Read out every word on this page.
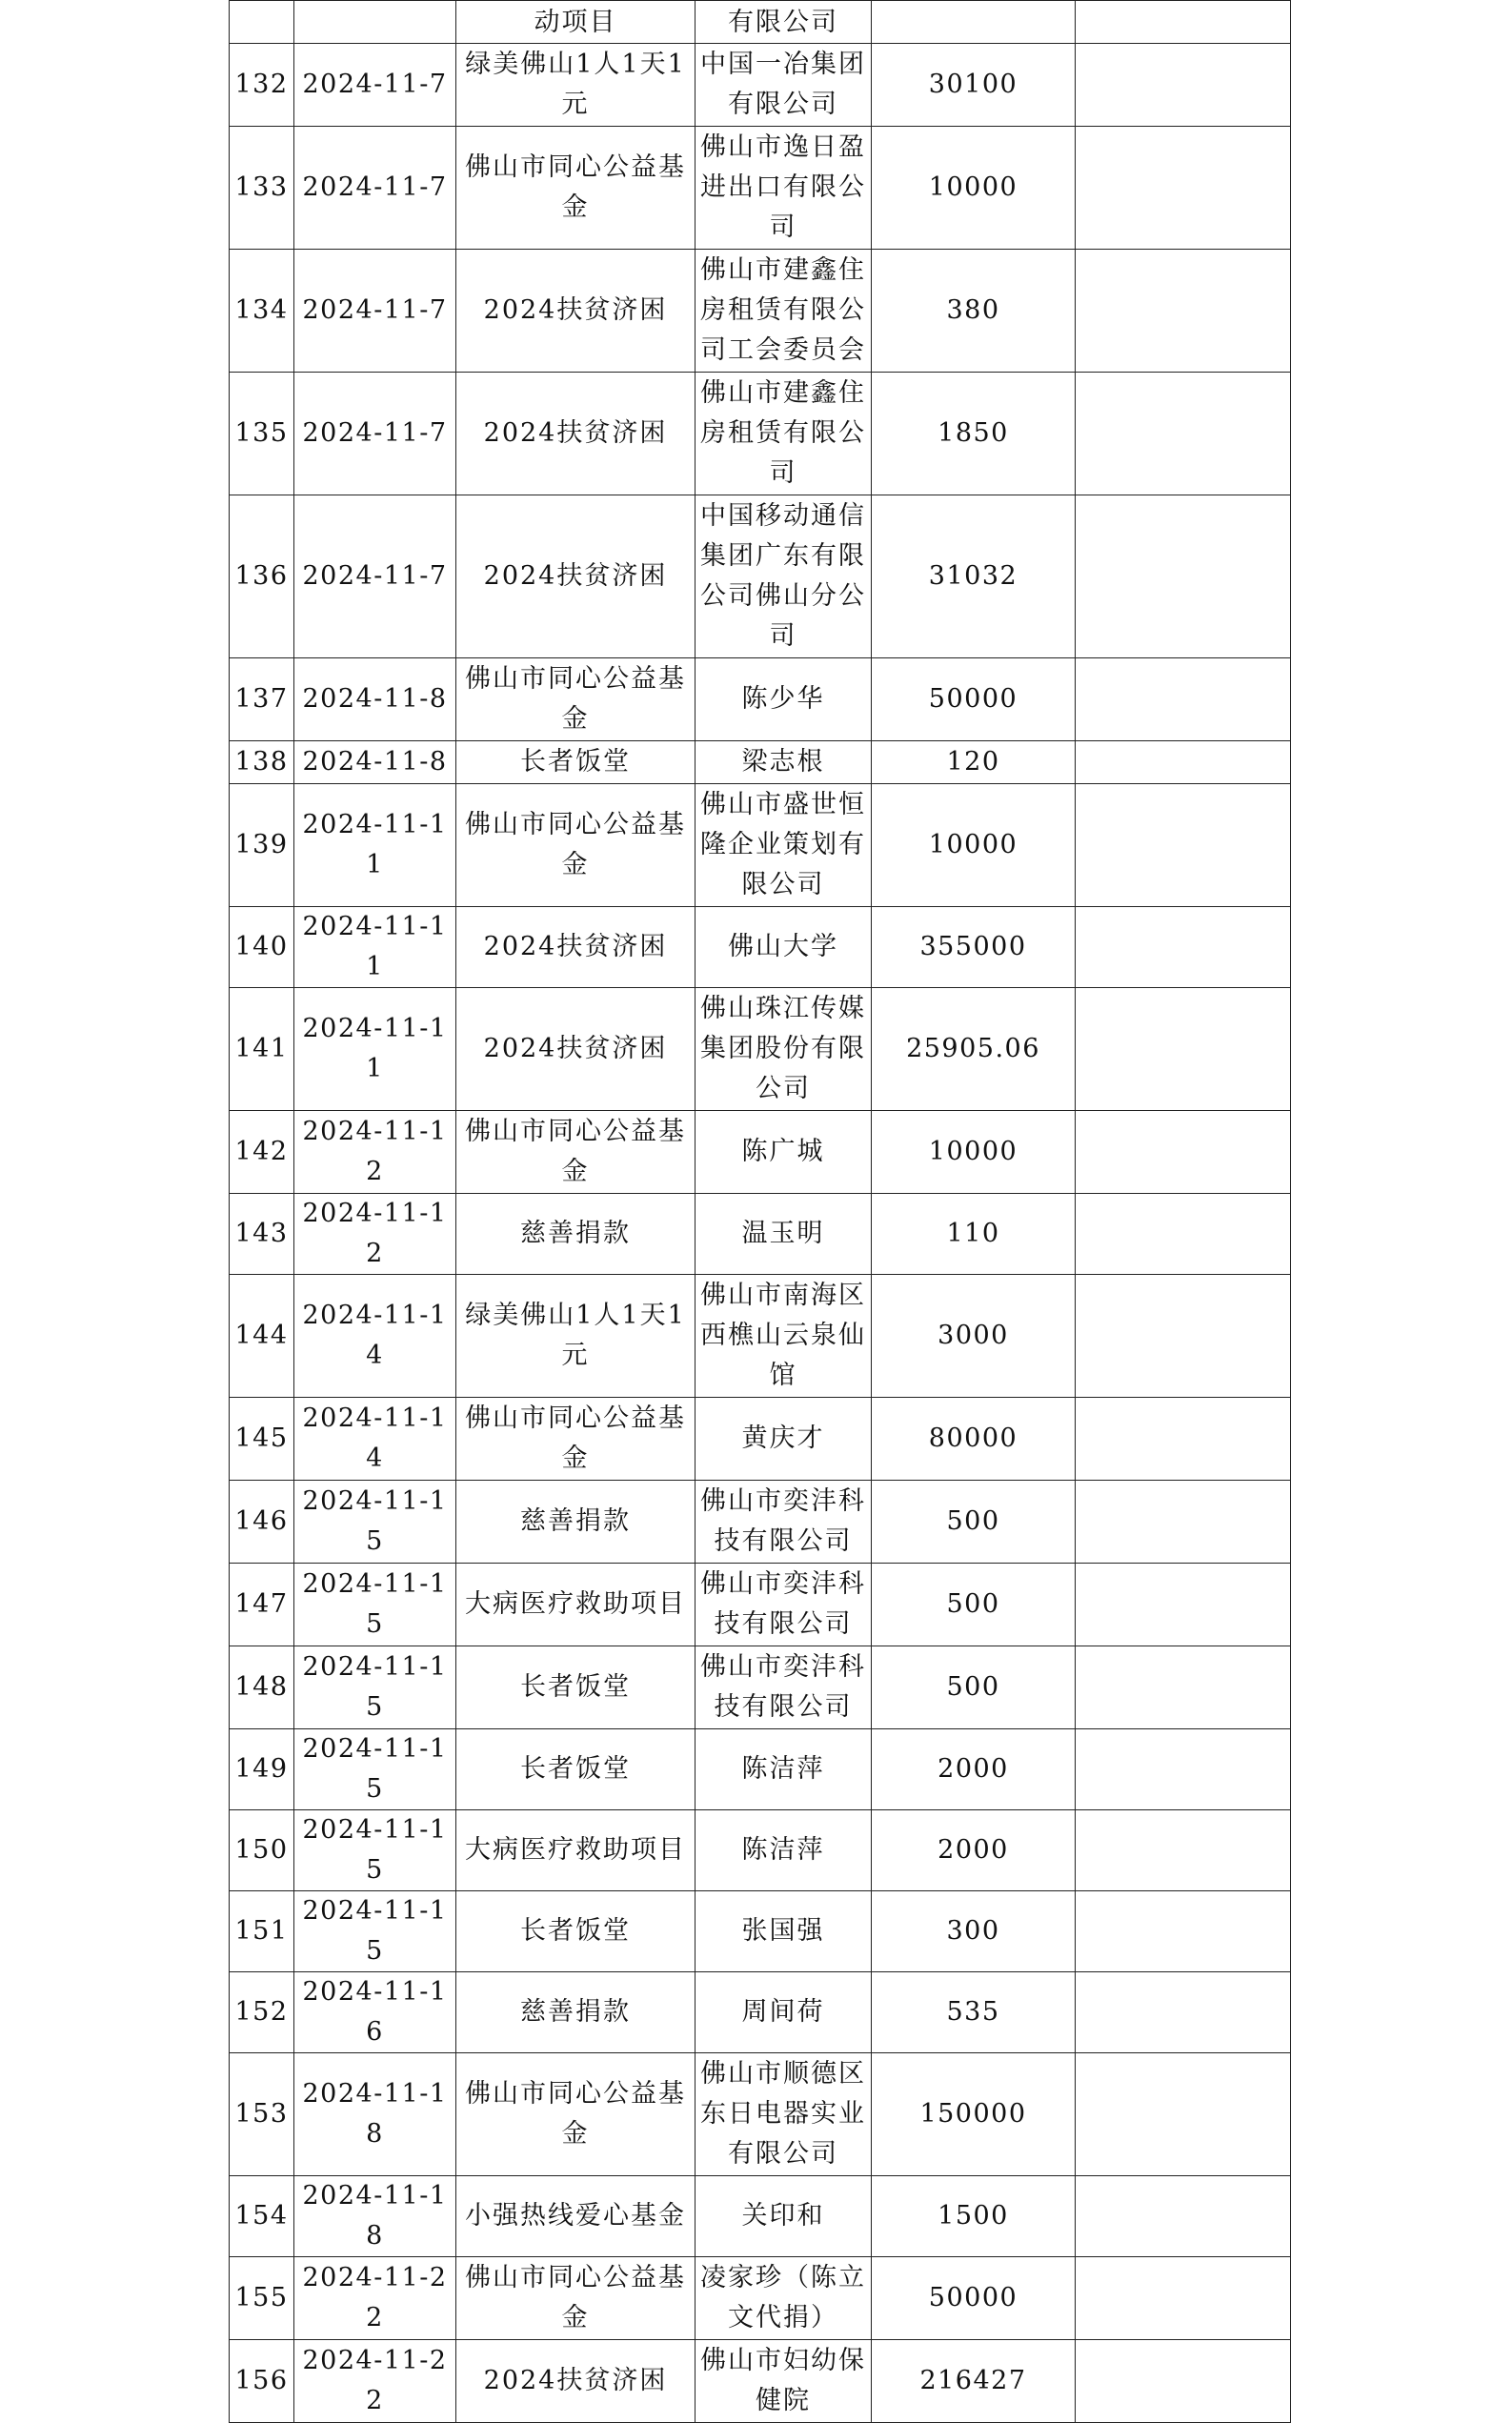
		动项目	有限公司		
132	2024-11-7	绿美佛山1人1天1元	中国一冶集团有限公司	30100	
133	2024-11-7	佛山市同心公益基金	佛山市逸日盈进出口有限公司	10000	
134	2024-11-7	2024扶贫济困	佛山市建鑫住房租赁有限公司工会委员会	380	
135	2024-11-7	2024扶贫济困	佛山市建鑫住房租赁有限公司	1850	
136	2024-11-7	2024扶贫济困	中国移动通信集团广东有限公司佛山分公司	31032	
137	2024-11-8	佛山市同心公益基金	陈少华	50000	
138	2024-11-8	长者饭堂	梁志根	120	
139	2024-11-11	佛山市同心公益基金	佛山市盛世恒隆企业策划有限公司	10000	
140	2024-11-11	2024扶贫济困	佛山大学	355000	
141	2024-11-11	2024扶贫济困	佛山珠江传媒集团股份有限公司	25905.06	
142	2024-11-12	佛山市同心公益基金	陈广城	10000	
143	2024-11-12	慈善捐款	温玉明	110	
144	2024-11-14	绿美佛山1人1天1元	佛山市南海区西樵山云泉仙馆	3000	
145	2024-11-14	佛山市同心公益基金	黄庆才	80000	
146	2024-11-15	慈善捐款	佛山市奕沣科技有限公司	500	
147	2024-11-15	大病医疗救助项目	佛山市奕沣科技有限公司	500	
148	2024-11-15	长者饭堂	佛山市奕沣科技有限公司	500	
149	2024-11-15	长者饭堂	陈洁萍	2000	
150	2024-11-15	大病医疗救助项目	陈洁萍	2000	
151	2024-11-15	长者饭堂	张国强	300	
152	2024-11-16	慈善捐款	周间荷	535	
153	2024-11-18	佛山市同心公益基金	佛山市顺德区东日电器实业有限公司	150000	
154	2024-11-18	小强热线爱心基金	关印和	1500	
155	2024-11-22	佛山市同心公益基金	凌家珍（陈立文代捐）	50000	
156	2024-11-22	2024扶贫济困	佛山市妇幼保健院	216427	
